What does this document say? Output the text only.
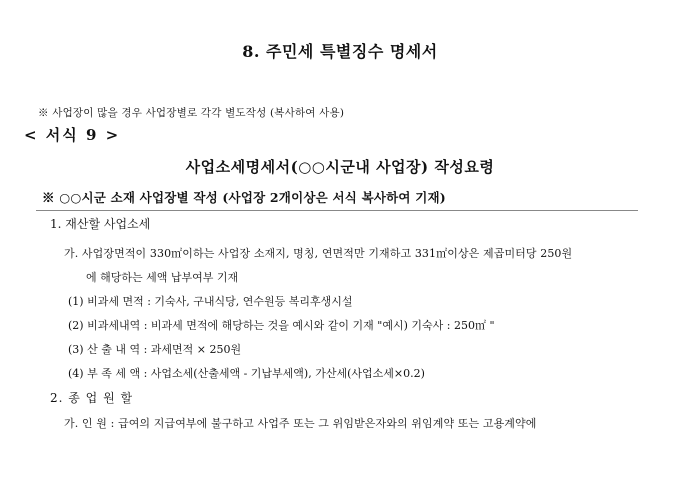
8. 주민세 특별징수 명세서
※ 사업장이 많을 경우 사업장별로 각각 별도작성 (복사하여 사용)
< 서식 9 >
사업소세명세서(○○시군내 사업장) 작성요령
※ ○○시군 소재 사업장별 작성 (사업장 2개이상은 서식 복사하여 기재)
1. 재산할 사업소세
가. 사업장면적이 330㎡이하는 사업장 소재지, 명칭, 연면적만 기재하고 331㎡이상은 제곱미터당 250원
에 해당하는 세액 납부여부 기재
(1) 비과세 면적 : 기숙사, 구내식당, 연수원등 복리후생시설
(2) 비과세내역 : 비과세 면적에 해당하는 것을 예시와 같이 기재 "예시) 기숙사 : 250㎡ "
(3) 산 출 내 역 : 과세면적 × 250원
(4) 부 족 세 액 : 사업소세(산출세액 - 기납부세액), 가산세(사업소세×0.2)
2. 종 업 원 할
가. 인 원 : 급여의 지급여부에 불구하고 사업주 또는 그 위임받은자와의 위임계약 또는 고용계약에
